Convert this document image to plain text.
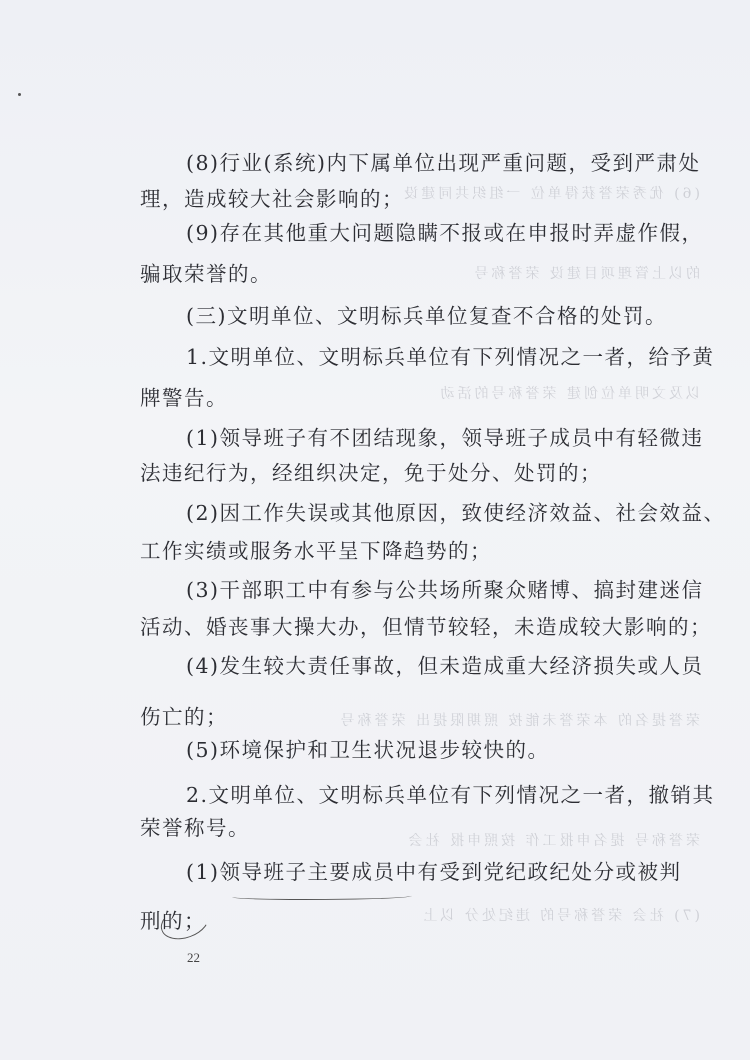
(6) 优秀荣誉获得单位 一组织共同建设
的以上管理项目建设 荣誉称号
以及文明单位创建 荣誉称号的活动
荣誉提名的 本荣誉未能按 照期限提出 荣誉称号
荣誉称号 提名申报工作 按照申报 社会
(7) 社会 荣誉称号的 违纪处分 以上
(8)行业(系统)内下属单位出现严重问题，受到严肃处
理，造成较大社会影响的；
(9)存在其他重大问题隐瞒不报或在申报时弄虚作假，
骗取荣誉的。
(三)文明单位、文明标兵单位复查不合格的处罚。
1.文明单位、文明标兵单位有下列情况之一者，给予黄
牌警告。
(1)领导班子有不团结现象，领导班子成员中有轻微违
法违纪行为，经组织决定，免于处分、处罚的；
(2)因工作失误或其他原因，致使经济效益、社会效益、
工作实绩或服务水平呈下降趋势的；
(3)干部职工中有参与公共场所聚众赌博、搞封建迷信
活动、婚丧事大操大办，但情节较轻，未造成较大影响的；
(4)发生较大责任事故，但未造成重大经济损失或人员
伤亡的；
(5)环境保护和卫生状况退步较快的。
2.文明单位、文明标兵单位有下列情况之一者，撤销其
荣誉称号。
(1)领导班子主要成员中有受到党纪政纪处分或被判
刑的；
22
